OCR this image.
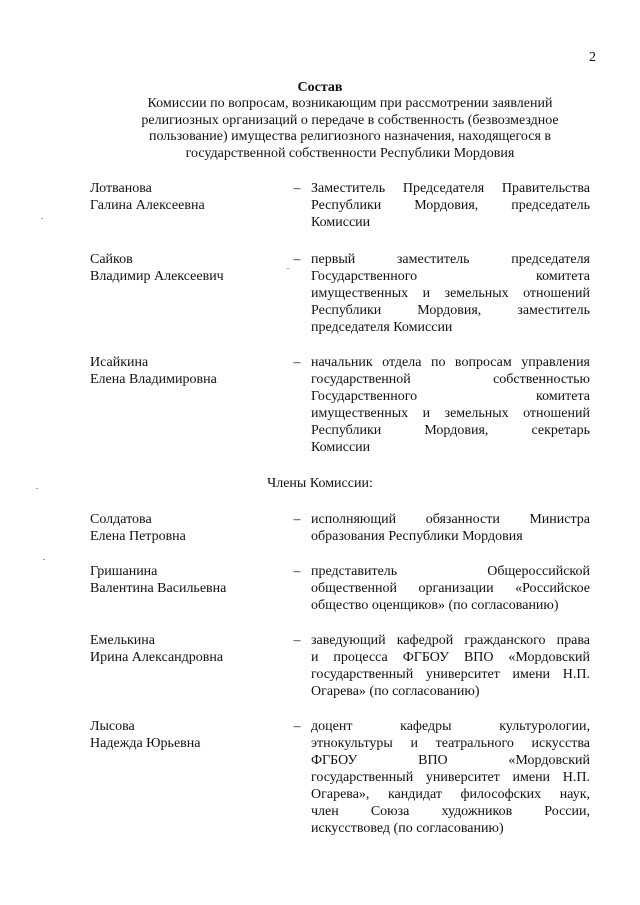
2
Состав
Комиссии по вопросам, возникающим при рассмотрении заявлений
религиозных организаций о передаче в собственность (безвозмездное
пользование) имущества религиозного назначения, находящегося в
государственной собственности Республики Мордовия
Лотванова
Галина Алексеевна
– Заместитель Председателя Правительства
Республики Мордовия, председатель
Комиссии
Сайков
Владимир Алексеевич
– первый заместитель председателя
Государственного комитета
имущественных и земельных отношений
Республики Мордовия, заместитель
председателя Комиссии
Исайкина
Елена Владимировна
– начальник отдела по вопросам управления
государственной собственностью
Государственного комитета
имущественных и земельных отношений
Республики Мордовия, секретарь
Комиссии
Члены Комиссии:
Солдатова
Елена Петровна
– исполняющий обязанности Министра
образования Республики Мордовия
Гришанина
Валентина Васильевна
– представитель Общероссийской
общественной организации «Российское
общество оценщиков» (по согласованию)
Емелькина
Ирина Александровна
– заведующий кафедрой гражданского права
и процесса ФГБОУ ВПО «Мордовский
государственный университет имени Н.П.
Огарева» (по согласованию)
Лысова
Надежда Юрьевна
– доцент кафедры культурологии,
этнокультуры и театрального искусства
ФГБОУ ВПО «Мордовский
государственный университет имени Н.П.
Огарева», кандидат философских наук,
член Союза художников России,
искусствовед (по согласованию)
